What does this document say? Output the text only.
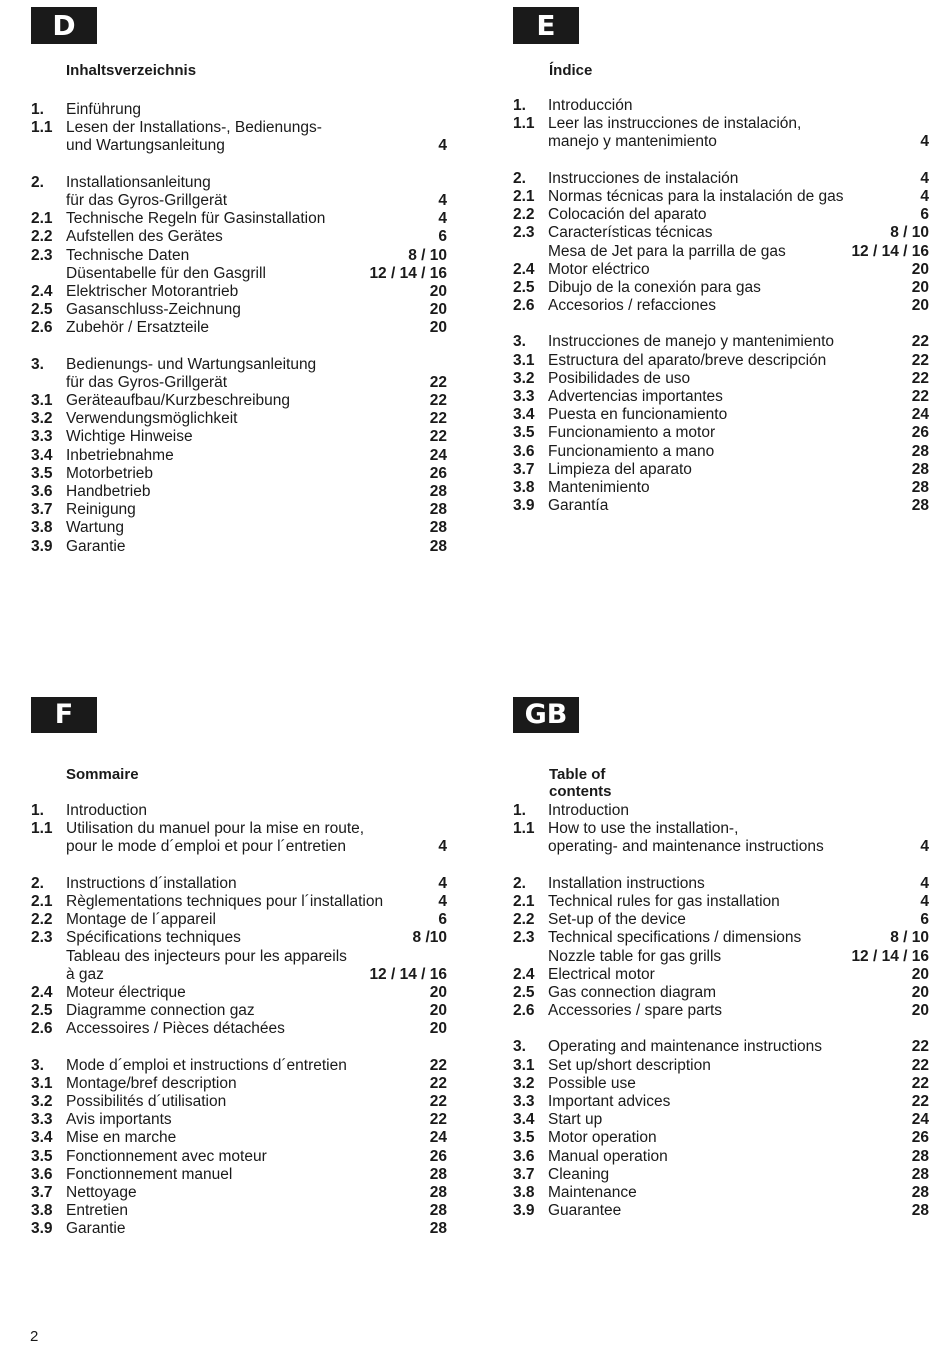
D
Inhaltsverzeichnis
1. Einführung
1.1 Lesen der Installations-, Bedienungs-
und Wartungsanleitung	4
2. Installationsanleitung
für das Gyros-Grillgerät	4
2.1 Technische Regeln für Gasinstallation	4
2.2 Aufstellen des Gerätes	6
2.3 Technische Daten	8 / 10
Düsentabelle für den Gasgrill	12 / 14 / 16
2.4 Elektrischer Motorantrieb	20
2.5 Gasanschluss-Zeichnung	20
2.6 Zubehör / Ersatzteile	20
3. Bedienungs- und Wartungsanleitung
für das Gyros-Grillgerät	22
3.1 Geräteaufbau/Kurzbeschreibung	22
3.2 Verwendungsmöglichkeit	22
3.3 Wichtige Hinweise	22
3.4 Inbetriebnahme	24
3.5 Motorbetrieb	26
3.6 Handbetrieb	28
3.7 Reinigung	28
3.8 Wartung	28
3.9 Garantie	28
E
Índice
1. Introducción
1.1 Leer las instrucciones de instalación,
manejo y mantenimiento	4
2. Instrucciones de instalación	4
2.1 Normas técnicas para la instalación de gas	4
2.2 Colocación del aparato	6
2.3 Características técnicas	8 / 10
Mesa de Jet para la parrilla de gas	12 / 14 / 16
2.4 Motor eléctrico	20
2.5 Dibujo de la conexión para gas	20
2.6 Accesorios / refacciones	20
3. Instrucciones de manejo y mantenimiento	22
3.1 Estructura del aparato/breve descripción	22
3.2 Posibilidades de uso	22
3.3 Advertencias importantes	22
3.4 Puesta en funcionamiento	24
3.5 Funcionamiento a motor	26
3.6 Funcionamiento a mano	28
3.7 Limpieza del aparato	28
3.8 Mantenimiento	28
3.9 Garantía	28
F
Sommaire
1. Introduction
1.1 Utilisation du manuel pour la mise en route,
pour le mode d´emploi et pour l´entretien	4
2. Instructions d´installation	4
2.1 Règlementations techniques pour l´installation	4
2.2 Montage de l´appareil	6
2.3 Spécifications techniques	8 /10
Tableau des injecteurs pour les appareils
à gaz	12 / 14 / 16
2.4 Moteur électrique	20
2.5 Diagramme connection gaz	20
2.6 Accessoires / Pièces détachées	20
3. Mode d´emploi et instructions d´entretien	22
3.1 Montage/bref description	22
3.2 Possibilités d´utilisation	22
3.3 Avis importants	22
3.4 Mise en marche	24
3.5 Fonctionnement avec moteur	26
3.6 Fonctionnement manuel	28
3.7 Nettoyage	28
3.8 Entretien	28
3.9 Garantie	28
GB
Table of contents
1. Introduction
1.1 How to use the installation-,
operating- and maintenance instructions	4
2. Installation instructions	4
2.1 Technical rules for gas installation	4
2.2 Set-up of the device	6
2.3 Technical specifications / dimensions	8 / 10
Nozzle table for gas grills	12 / 14 / 16
2.4 Electrical motor	20
2.5 Gas connection diagram	20
2.6 Accessories / spare parts	20
3. Operating and maintenance instructions	22
3.1 Set up/short description	22
3.2 Possible use	22
3.3 Important advices	22
3.4 Start up	24
3.5 Motor operation	26
3.6 Manual operation	28
3.7 Cleaning	28
3.8 Maintenance	28
3.9 Guarantee	28
2
